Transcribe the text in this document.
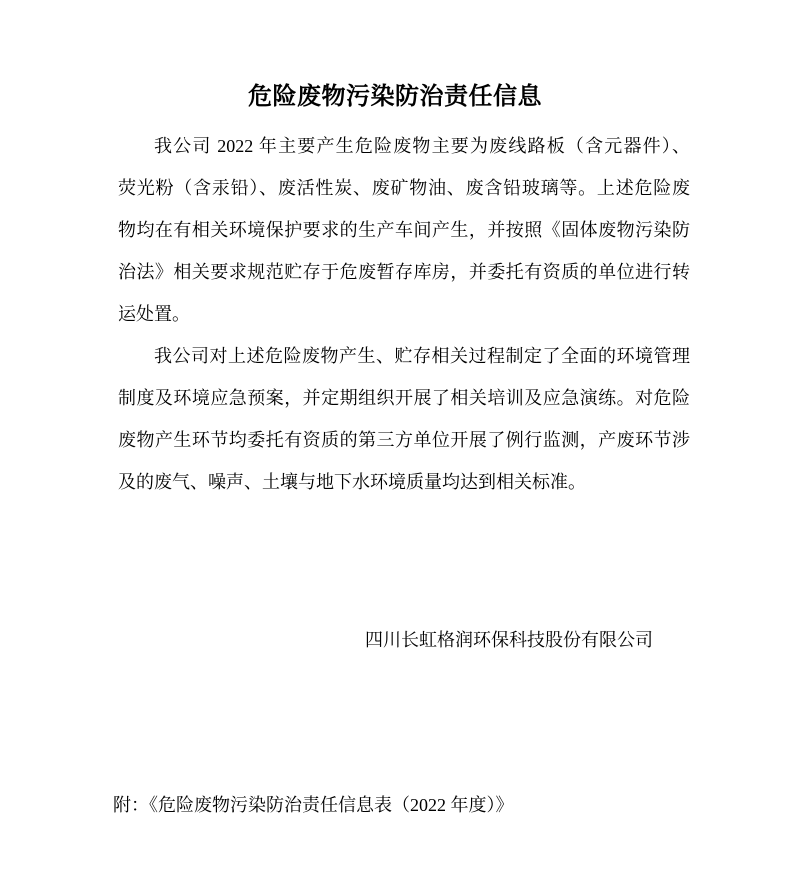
危险废物污染防治责任信息
我公司 2022 年主要产生危险废物主要为废线路板（含元器件）、
荧光粉（含汞铅）、废活性炭、废矿物油、废含铅玻璃等。上述危险废
物均在有相关环境保护要求的生产车间产生，并按照《固体废物污染防
治法》相关要求规范贮存于危废暂存库房，并委托有资质的单位进行转
运处置。
我公司对上述危险废物产生、贮存相关过程制定了全面的环境管理
制度及环境应急预案，并定期组织开展了相关培训及应急演练。对危险
废物产生环节均委托有资质的第三方单位开展了例行监测，产废环节涉
及的废气、噪声、土壤与地下水环境质量均达到相关标准。
四川长虹格润环保科技股份有限公司
附：《危险废物污染防治责任信息表（2022 年度）》
